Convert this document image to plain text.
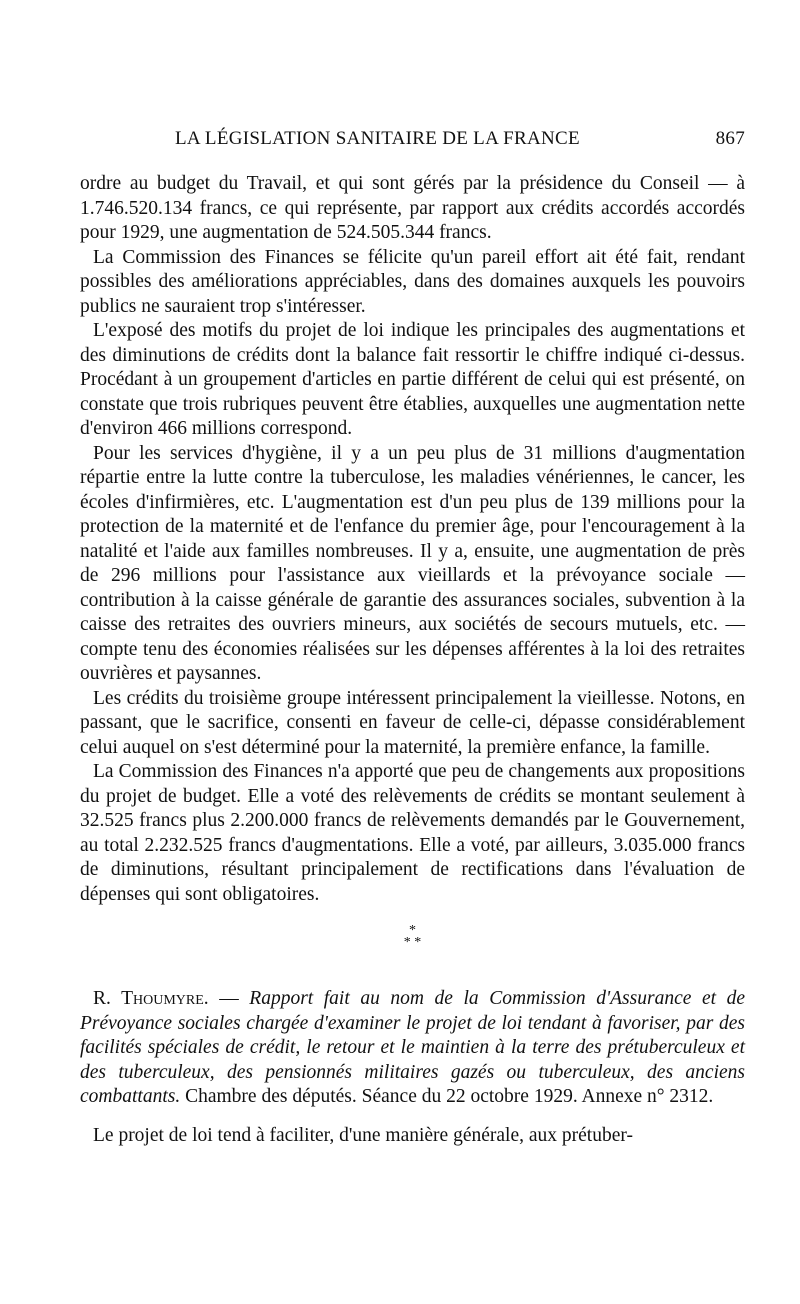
LA LÉGISLATION SANITAIRE DE LA FRANCE	867

ordre au budget du Travail, et qui sont gérés par la présidence du Conseil — à 1.746.520.134 francs, ce qui représente, par rapport aux crédits accordés accordés pour 1929, une augmentation de 524.505.344 francs.

La Commission des Finances se félicite qu'un pareil effort ait été fait, rendant possibles des améliorations appréciables, dans des domaines auxquels les pouvoirs publics ne sauraient trop s'intéresser.

L'exposé des motifs du projet de loi indique les principales des augmentations et des diminutions de crédits dont la balance fait ressortir le chiffre indiqué ci-dessus. Procédant à un groupement d'articles en partie différent de celui qui est présenté, on constate que trois rubriques peuvent être établies, auxquelles une augmentation nette d'environ 466 millions correspond.

Pour les services d'hygiène, il y a un peu plus de 31 millions d'augmentation répartie entre la lutte contre la tuberculose, les maladies vénériennes, le cancer, les écoles d'infirmières, etc. L'augmentation est d'un peu plus de 139 millions pour la protection de la maternité et de l'enfance du premier âge, pour l'encouragement à la natalité et l'aide aux familles nombreuses. Il y a, ensuite, une augmentation de près de 296 millions pour l'assistance aux vieillards et la prévoyance sociale — contribution à la caisse générale de garantie des assurances sociales, subvention à la caisse des retraites des ouvriers mineurs, aux sociétés de secours mutuels, etc. — compte tenu des économies réalisées sur les dépenses afférentes à la loi des retraites ouvrières et paysannes.

Les crédits du troisième groupe intéressent principalement la vieillesse. Notons, en passant, que le sacrifice, consenti en faveur de celle-ci, dépasse considérablement celui auquel on s'est déterminé pour la maternité, la première enfance, la famille.

La Commission des Finances n'a apporté que peu de changements aux propositions du projet de budget. Elle a voté des relèvements de crédits se montant seulement à 32.525 francs plus 2.200.000 francs de relèvements demandés par le Gouvernement, au total 2.232.525 francs d'augmentations. Elle a voté, par ailleurs, 3.035.000 francs de diminutions, résultant principalement de rectifications dans l'évaluation de dépenses qui sont obligatoires.

*
* *

R. Thoumyre. — Rapport fait au nom de la Commission d'Assurance et de Prévoyance sociales chargée d'examiner le projet de loi tendant à favoriser, par des facilités spéciales de crédit, le retour et le maintien à la terre des prétuberculeux et des tuberculeux, des pensionnés militaires gazés ou tuberculeux, des anciens combattants. Chambre des députés. Séance du 22 octobre 1929. Annexe n° 2312.

Le projet de loi tend à faciliter, d'une manière générale, aux prétuber-
